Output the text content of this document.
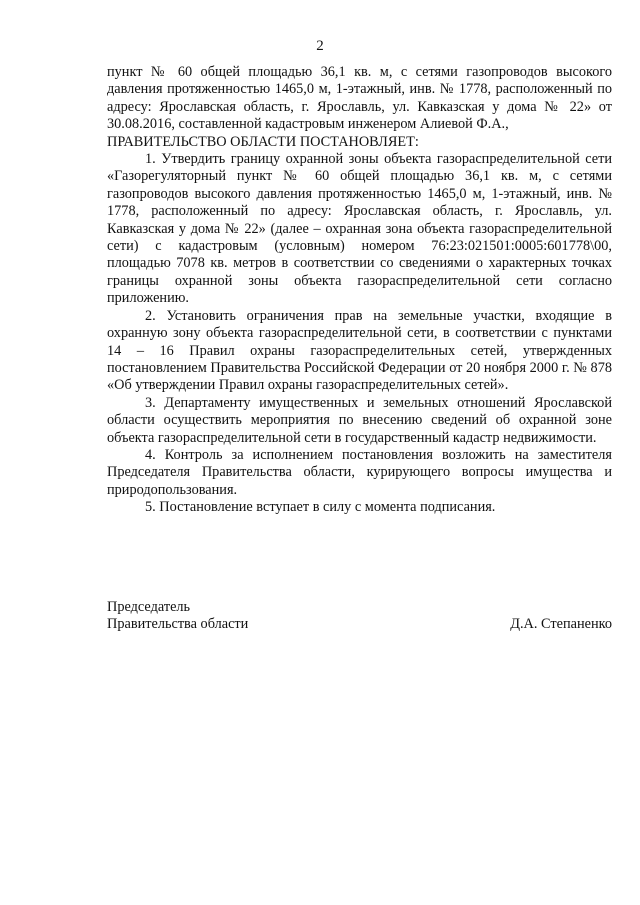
2

пункт № 60 общей площадью 36,1 кв. м, с сетями газопроводов высокого давления протяженностью 1465,0 м, 1-этажный, инв. № 1778, расположенный по адресу: Ярославская область, г. Ярославль, ул. Кавказская у дома № 22» от 30.08.2016, составленной кадастровым инженером Алиевой Ф.А.,

ПРАВИТЕЛЬСТВО ОБЛАСТИ ПОСТАНОВЛЯЕТ:

1. Утвердить границу охранной зоны объекта газораспределительной сети «Газорегуляторный пункт № 60 общей площадью 36,1 кв. м, с сетями газопроводов высокого давления протяженностью 1465,0 м, 1-этажный, инв. № 1778, расположенный по адресу: Ярославская область, г. Ярославль, ул. Кавказская у дома № 22» (далее – охранная зона объекта газораспределительной сети) с кадастровым (условным) номером 76:23:021501:0005:601778\00, площадью 7078 кв. метров в соответствии со сведениями о характерных точках границы охранной зоны объекта газораспределительной сети согласно приложению.

2. Установить ограничения прав на земельные участки, входящие в охранную зону объекта газораспределительной сети, в соответствии с пунктами 14 – 16 Правил охраны газораспределительных сетей, утвержденных постановлением Правительства Российской Федерации от 20 ноября 2000 г. № 878 «Об утверждении Правил охраны газораспределительных сетей».

3. Департаменту имущественных и земельных отношений Ярославской области осуществить мероприятия по внесению сведений об охранной зоне объекта газораспределительной сети в государственный кадастр недвижимости.

4. Контроль за исполнением постановления возложить на заместителя Председателя Правительства области, курирующего вопросы имущества и природопользования.

5. Постановление вступает в силу с момента подписания.

Председатель
Правительства области	Д.А. Степаненко
